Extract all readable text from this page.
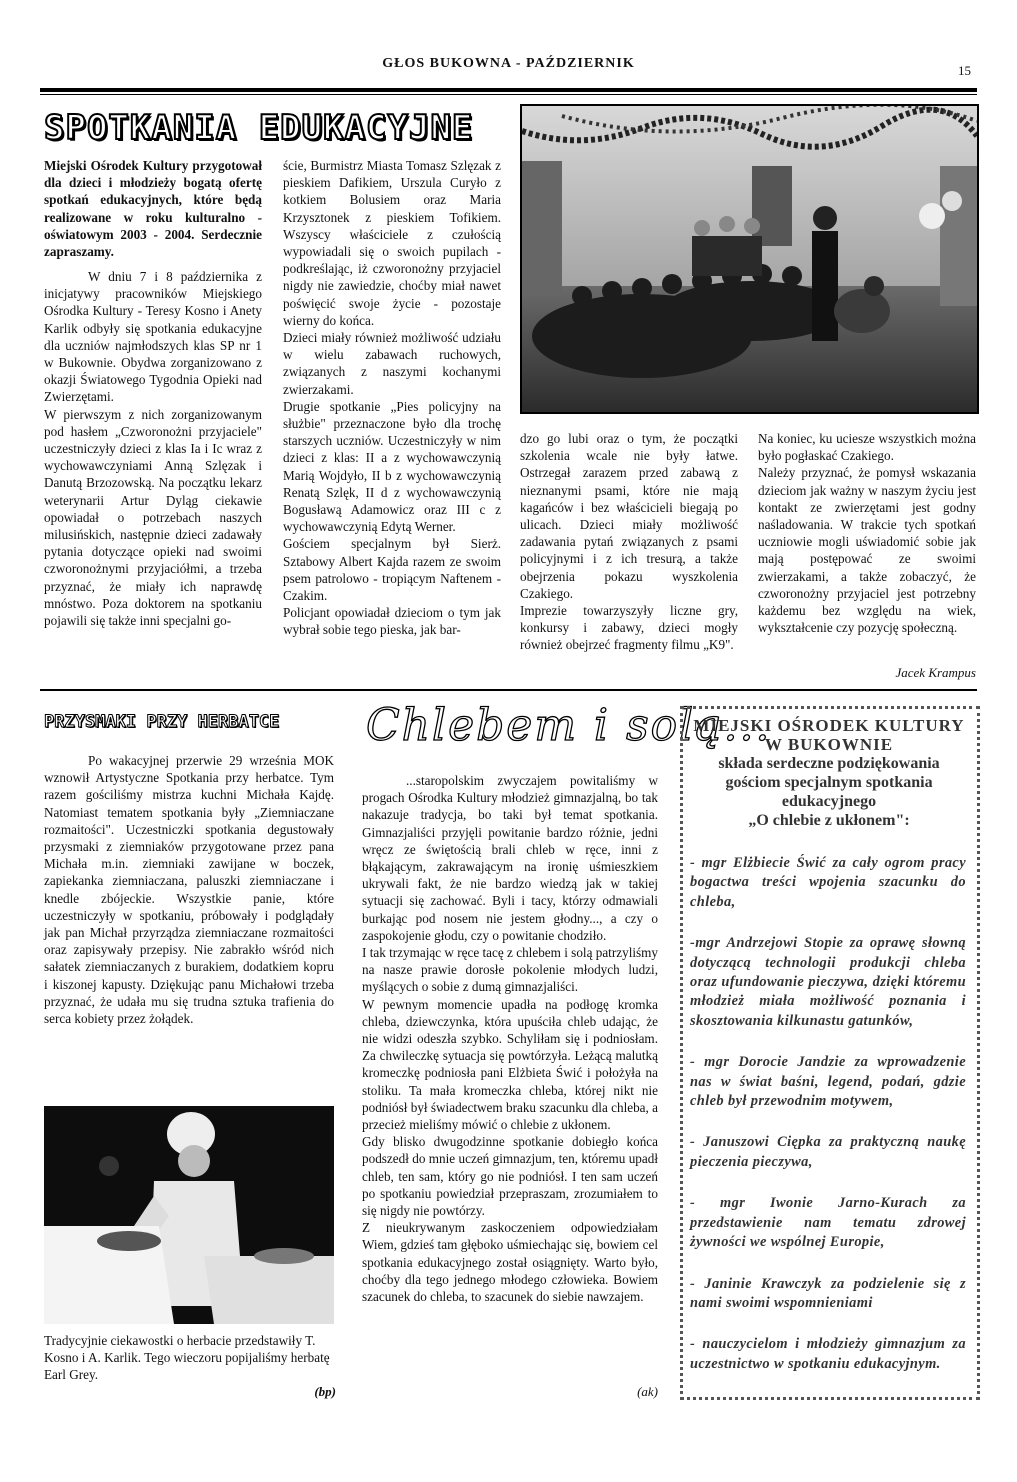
GŁOS BUKOWNA - PAŹDZIERNIK	15
SPOTKANIA EDUKACYJNE
Miejski Ośrodek Kultury przygotował dla dzieci i młodzieży bogatą ofertę spotkań edukacyjnych, które będą realizowane w roku kulturalno - oświatowym 2003 - 2004. Serdecznie zapraszamy.

W dniu 7 i 8 października z inicjatywy pracowników Miejskiego Ośrodka Kultury - Teresy Kosno i Anety Karlik odbyły się spotkania edukacyjne dla uczniów najmłodszych klas SP nr 1 w Bukownie. Obydwa zorganizowano z okazji Światowego Tygodnia Opieki nad Zwierzętami.

W pierwszym z nich zorganizowanym pod hasłem „Czworonożni przyjaciele" uczestniczyły dzieci z klas Ia i Ic wraz z wychowawczyniami Anną Szlęzak i Danutą Brzozowską. Na początku lekarz weterynarii Artur Dyląg ciekawie opowiadał o potrzebach naszych milusińskich, następnie dzieci zadawały pytania dotyczące opieki nad swoimi czworonożnymi przyjaciółmi, a trzeba przyznać, że miały ich naprawdę mnóstwo. Poza doktorem na spotkaniu pojawili się także inni specjalni go-

ście, Burmistrz Miasta Tomasz Szlęzak z pieskiem Dafikiem, Urszula Curyło z kotkiem Bolusiem oraz Maria Krzysztonek z pieskiem Tofikiem. Wszyscy właściciele z czułością wypowiadali się o swoich pupilach - podkreślając, iż czworonożny przyjaciel nigdy nie zawiedzie, choćby miał nawet poświęcić swoje życie - pozostaje wierny do końca.

Dzieci miały również możliwość udziału w wielu zabawach ruchowych, związanych z naszymi kochanymi zwierzakami.

Drugie spotkanie „Pies policyjny na służbie" przeznaczone było dla trochę starszych uczniów. Uczestniczyły w nim dzieci z klas: II a z wychowawczynią Marią Wojdyło, II b z wychowawczynią Renatą Szlęk, II d z wychowawczynią Bogusławą Adamowicz oraz III c z wychowawczynią Edytą Werner.

Gościem specjalnym był Sierż. Sztabowy Albert Kajda razem ze swoim psem patrolowo - tropiącym Naftenem - Czakim.

Policjant opowiadał dzieciom o tym jak wybrał sobie tego pieska, jak bar-

dzo go lubi oraz o tym, że początki szkolenia wcale nie były łatwe. Ostrzegał zarazem przed zabawą z nieznanymi psami, które nie mają kagańców i bez właścicieli biegają po ulicach. Dzieci miały możliwość zadawania pytań związanych z psami policyjnymi i z ich tresurą, a także obejrzenia pokazu wyszkolenia Czakiego.

Imprezie towarzyszyły liczne gry, konkursy i zabawy, dzieci mogły również obejrzeć fragmenty filmu „K9".

Na koniec, ku uciesze wszystkich można było pogłaskać Czakiego.

Należy przyznać, że pomysł wskazania dzieciom jak ważny w naszym życiu jest kontakt ze zwierzętami jest godny naśladowania. W trakcie tych spotkań uczniowie mogli uświadomić sobie jak mają postępować ze swoimi zwierzakami, a także zobaczyć, że czworonożny przyjaciel jest potrzebny każdemu bez względu na wiek, wykształcenie czy pozycję społeczną.

Jacek Krampus
PRZYSMAKI PRZY HERBATCE
Po wakacyjnej przerwie 29 września MOK wznowił Artystyczne Spotkania przy herbatce. Tym razem gościliśmy mistrza kuchni Michała Kajdę. Natomiast tematem spotkania były „Ziemniaczane rozmaitości". Uczestniczki spotkania degustowały przysmaki z ziemniaków przygotowane przez pana Michała m.in. ziemniaki zawijane w boczek, zapiekanka ziemniaczana, paluszki ziemniaczane i knedle zbójeckie. Wszystkie panie, które uczestniczyły w spotkaniu, próbowały i podglądały jak pan Michał przyrządza ziemniaczane rozmaitości oraz zapisywały przepisy. Nie zabrakło wśród nich sałatek ziemniaczanych z burakiem, dodatkiem kopru i kiszonej kapusty. Dziękując panu Michałowi trzeba przyznać, że udała mu się trudna sztuka trafienia do serca kobiety przez żołądek.
Tradycyjnie ciekawostki o herbacie przedstawiły T. Kosno i A. Karlik. Tego wieczoru popijaliśmy herbatę Earl Grey.
(bp)
Chlebem i solą...

...staropolskim zwyczajem powitaliśmy w progach Ośrodka Kultury młodzież gimnazjalną, bo tak nakazuje tradycja, bo taki był temat spotkania. Gimnazjaliści przyjęli powitanie bardzo różnie, jedni wręcz ze świętością brali chleb w ręce, inni z błąkającym, zakrawającym na ironię uśmieszkiem ukrywali fakt, że nie bardzo wiedzą jak w takiej sytuacji się zachować. Byli i tacy, którzy odmawiali burkając pod nosem nie jestem głodny..., a czy o zaspokojenie głodu, czy o powitanie chodziło.

I tak trzymając w ręce tacę z chlebem i solą patrzyliśmy na nasze prawie dorosłe pokolenie młodych ludzi, myślących o sobie z dumą gimnazjaliści.

W pewnym momencie upadła na podłogę kromka chleba, dziewczynka, która upuściła chleb udając, że nie widzi odeszła szybko. Schyliłam się i podniosłam. Za chwileczkę sytuacja się powtórzyła. Leżącą malutką kromeczkę podniosła pani Elżbieta Świć i położyła na stoliku. Ta mała kromeczka chleba, której nikt nie podniósł był świadectwem braku szacunku dla chleba, a przecież mieliśmy mówić o chlebie z ukłonem.

Gdy blisko dwugodzinne spotkanie dobiegło końca podszedł do mnie uczeń gimnazjum, ten, któremu upadł chleb, ten sam, który go nie podniósł. I ten sam uczeń po spotkaniu powiedział przepraszam, zrozumiałem to się nigdy nie powtórzy.

Z nieukrywanym zaskoczeniem odpowiedziałam Wiem, gdzieś tam głęboko uśmiechając się, bowiem cel spotkania edukacyjnego został osiągnięty. Warto było, choćby dla tego jednego młodego człowieka. Bowiem szacunek do chleba, to szacunek do siebie nawzajem.

(ak)
MIEJSKI OŚRODEK KULTURY
W BUKOWNIE
składa serdeczne podziękowania gościom specjalnym spotkania edukacyjnego
„O chlebie z ukłonem":

- mgr Elżbiecie Świć za cały ogrom pracy bogactwa treści wpojenia szacunku do chleba,

-mgr Andrzejowi Stopie za oprawę słowną dotyczącą technologii produkcji chleba oraz ufundowanie pieczywa, dzięki któremu młodzież miała możliwość poznania i skosztowania kilkunastu gatunków,

- mgr Dorocie Jandzie za wprowadzenie nas w świat baśni, legend, podań, gdzie chleb był przewodnim motywem,

- Januszowi Ciępka za praktyczną naukę pieczenia pieczywa,

- mgr Iwonie Jarno-Kurach za przedstawienie nam tematu zdrowej żywności we wspólnej Europie,

- Janinie Krawczyk za podzielenie się z nami swoimi wspomnieniami

- nauczycielom i młodzieży gimnazjum za uczestnictwo w spotkaniu edukacyjnym.
